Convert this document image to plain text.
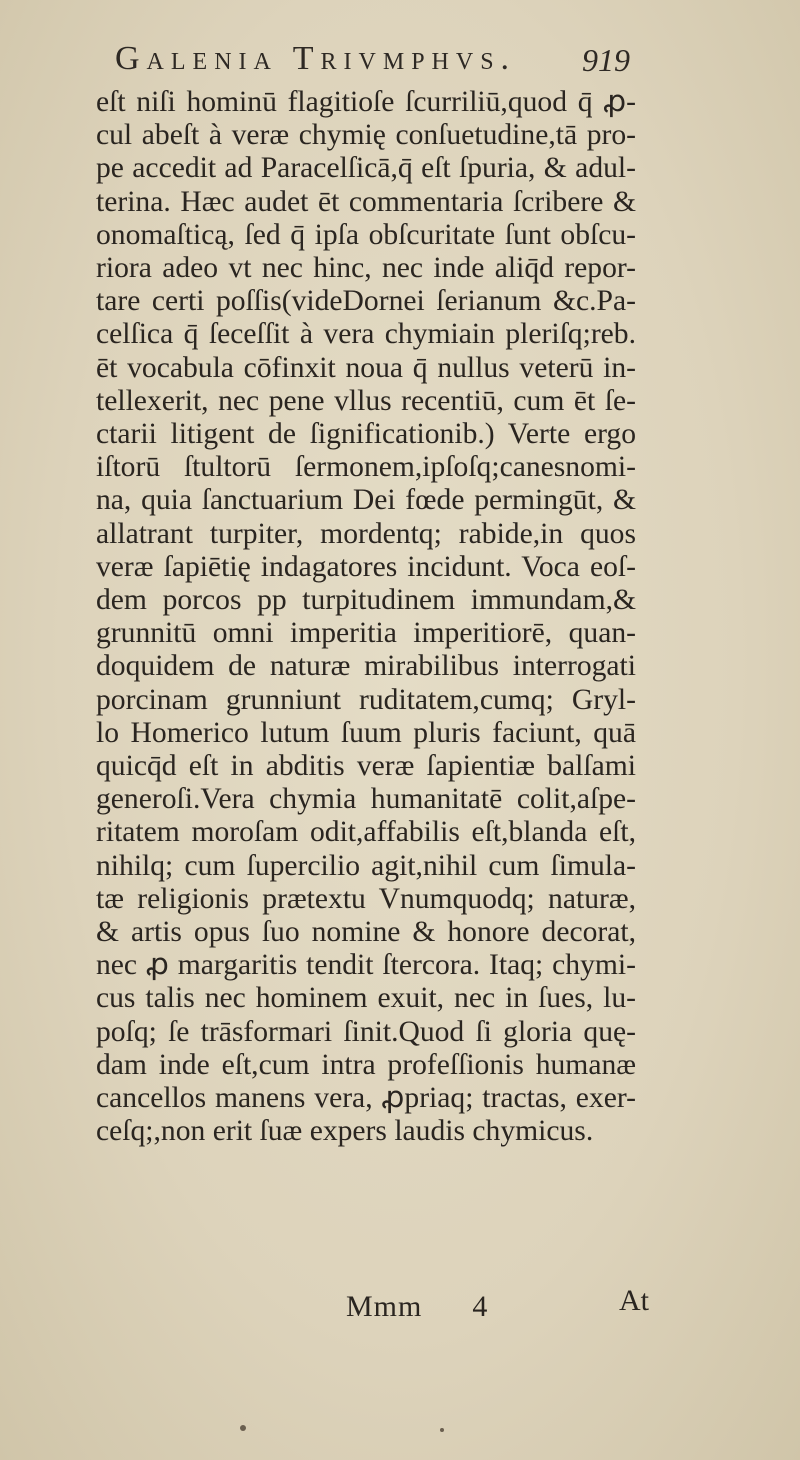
Galenia Trivmphvs. 919
eſt niſi hominū flagitioſe ſcurriliū,quod q̄ ꝓ-
cul abeſt à veræ chymię conſuetudine,tā pro-
pe accedit ad Paracelſicā,q̄ eſt ſpuria, & adul-
terina. Hæc audet ēt commentaria ſcribere &
onomaſticą, ſed q̄ ipſa obſcuritate ſunt obſcu-
riora adeo vt nec hinc, nec inde aliq̄d repor-
tare certi poſſis(videDornei ſerianum &c.Pa-
celſica q̄ ſeceſſit à vera chymiain pleriſq;reb.
ēt vocabula cōfinxit noua q̄ nullus veterū in-
tellexerit, nec pene vllus recentiū, cum ēt ſe-
ctarii litigent de ſignificationib.) Verte ergo
iſtorū ſtultorū ſermonem,ipſoſq;canesnomi-
na, quia ſanctuarium Dei fœde permingūt, &
allatrant turpiter, mordentq; rabide,in quos
veræ ſapiētię indagatores incidunt. Voca eoſ-
dem porcos pp turpitudinem immundam,&
grunnitū omni imperitia imperitiorē, quan-
doquidem de naturæ mirabilibus interrogati
porcinam grunniunt ruditatem,cumq; Gryl-
lo Homerico lutum ſuum pluris faciunt, quā
quicq̄d eſt in abditis veræ ſapientiæ balſami
generoſi.Vera chymia humanitatē colit,aſpe-
ritatem moroſam odit,affabilis eſt,blanda eſt,
nihilq; cum ſupercilio agit,nihil cum ſimula-
tæ religionis prætextu Vnumquodq; naturæ,
& artis opus ſuo nomine & honore decorat,
nec ꝓ margaritis tendit ſtercora. Itaq; chymi-
cus talis nec hominem exuit, nec in ſues, lu-
poſq; ſe trāsformari ſinit.Quod ſi gloria quę-
dam inde eſt,cum intra profeſſionis humanæ
cancellos manens vera, ꝓpriaq; tractas, exer-
ceſq;,non erit ſuæ expers laudis chymicus.
Mmm 4	At
